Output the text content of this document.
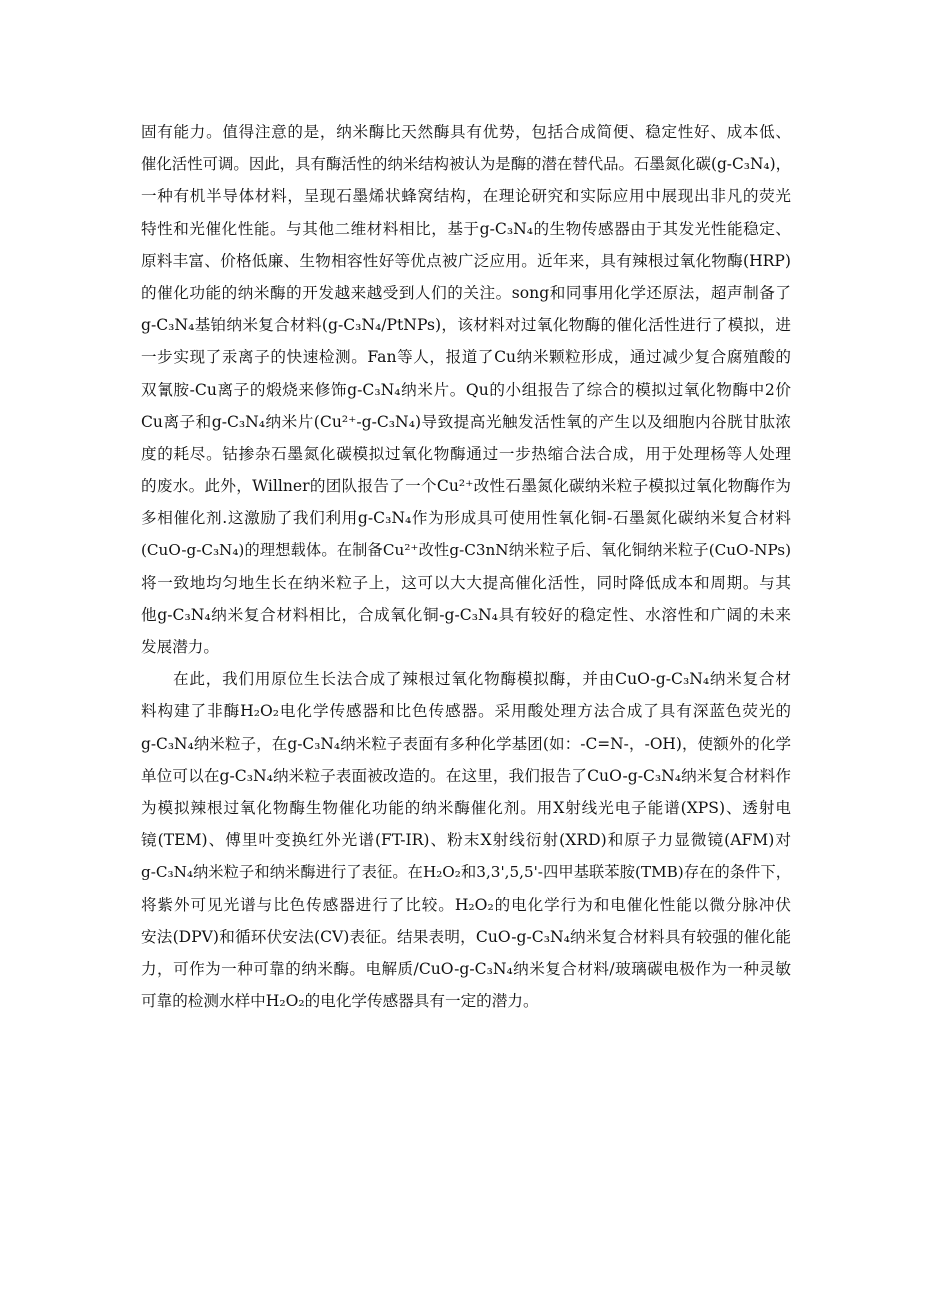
固有能力。值得注意的是，纳米酶比天然酶具有优势，包括合成简便、稳定性好、成本低、
催化活性可调。因此，具有酶活性的纳米结构被认为是酶的潜在替代品。石墨氮化碳(g-C₃N₄)，
一种有机半导体材料，呈现石墨烯状蜂窝结构，在理论研究和实际应用中展现出非凡的荧光
特性和光催化性能。与其他二维材料相比，基于g-C₃N₄的生物传感器由于其发光性能稳定、
原料丰富、价格低廉、生物相容性好等优点被广泛应用。近年来，具有辣根过氧化物酶(HRP)
的催化功能的纳米酶的开发越来越受到人们的关注。song和同事用化学还原法，超声制备了
g-C₃N₄基铂纳米复合材料(g-C₃N₄/PtNPs)，该材料对过氧化物酶的催化活性进行了模拟，进
一步实现了汞离子的快速检测。Fan等人，报道了Cu纳米颗粒形成，通过减少复合腐殖酸的
双氰胺-Cu离子的煅烧来修饰g-C₃N₄纳米片。Qu的小组报告了综合的模拟过氧化物酶中2价
Cu离子和g-C₃N₄纳米片(Cu²⁺-g-C₃N₄)导致提高光触发活性氧的产生以及细胞内谷胱甘肽浓
度的耗尽。钴掺杂石墨氮化碳模拟过氧化物酶通过一步热缩合法合成，用于处理杨等人处理
的废水。此外，Willner的团队报告了一个Cu²⁺改性石墨氮化碳纳米粒子模拟过氧化物酶作为
多相催化剂.这激励了我们利用g-C₃N₄作为形成具可使用性氧化铜-石墨氮化碳纳米复合材料
(CuO-g-C₃N₄)的理想载体。在制备Cu²⁺改性g-C3nN纳米粒子后、氧化铜纳米粒子(CuO-NPs)
将一致地均匀地生长在纳米粒子上，这可以大大提高催化活性，同时降低成本和周期。与其
他g-C₃N₄纳米复合材料相比，合成氧化铜-g-C₃N₄具有较好的稳定性、水溶性和广阔的未来
发展潜力。
在此，我们用原位生长法合成了辣根过氧化物酶模拟酶，并由CuO-g-C₃N₄纳米复合材
料构建了非酶H₂O₂电化学传感器和比色传感器。采用酸处理方法合成了具有深蓝色荧光的
g-C₃N₄纳米粒子，在g-C₃N₄纳米粒子表面有多种化学基团(如：-C=N-，-OH)，使额外的化学
单位可以在g-C₃N₄纳米粒子表面被改造的。在这里，我们报告了CuO-g-C₃N₄纳米复合材料作
为模拟辣根过氧化物酶生物催化功能的纳米酶催化剂。用X射线光电子能谱(XPS)、透射电
镜(TEM)、傅里叶变换红外光谱(FT-IR)、粉末X射线衍射(XRD)和原子力显微镜(AFM)对
g-C₃N₄纳米粒子和纳米酶进行了表征。在H₂O₂和3,3',5,5'-四甲基联苯胺(TMB)存在的条件下，
将紫外可见光谱与比色传感器进行了比较。H₂O₂的电化学行为和电催化性能以微分脉冲伏
安法(DPV)和循环伏安法(CV)表征。结果表明，CuO-g-C₃N₄纳米复合材料具有较强的催化能
力，可作为一种可靠的纳米酶。电解质/CuO-g-C₃N₄纳米复合材料/玻璃碳电极作为一种灵敏
可靠的检测水样中H₂O₂的电化学传感器具有一定的潜力。
